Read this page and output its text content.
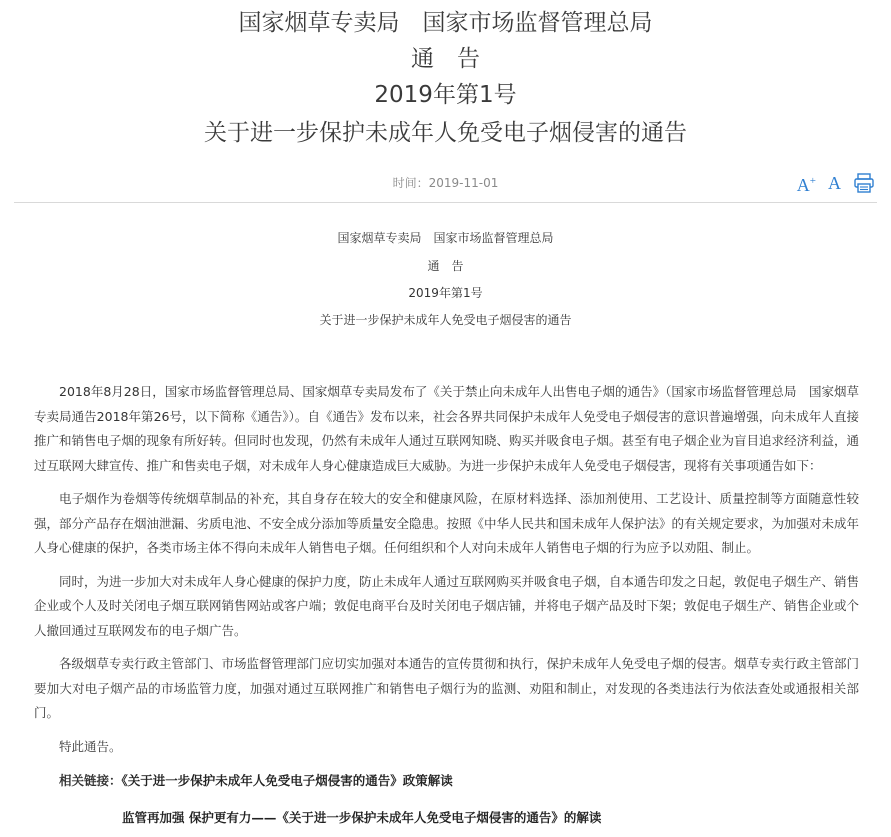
国家烟草专卖局　国家市场监督管理总局
通　告
2019年第1号
关于进一步保护未成年人免受电子烟侵害的通告
时间：2019-11-01	A+ A
国家烟草专卖局　国家市场监督管理总局
通　告
2019年第1号
关于进一步保护未成年人免受电子烟侵害的通告

2018年8月28日，国家市场监督管理总局、国家烟草专卖局发布了《关于禁止向未成年人出售电子烟的通告》（国家市场监督管理总局　国家烟草专卖局通告2018年第26号，以下简称《通告》）。自《通告》发布以来，社会各界共同保护未成年人免受电子烟侵害的意识普遍增强，向未成年人直接推广和销售电子烟的现象有所好转。但同时也发现，仍然有未成年人通过互联网知晓、购买并吸食电子烟。甚至有电子烟企业为盲目追求经济利益，通过互联网大肆宣传、推广和售卖电子烟，对未成年人身心健康造成巨大威胁。为进一步保护未成年人免受电子烟侵害，现将有关事项通告如下：

电子烟作为卷烟等传统烟草制品的补充，其自身存在较大的安全和健康风险，在原材料选择、添加剂使用、工艺设计、质量控制等方面随意性较强，部分产品存在烟油泄漏、劣质电池、不安全成分添加等质量安全隐患。按照《中华人民共和国未成年人保护法》的有关规定要求，为加强对未成年人身心健康的保护，各类市场主体不得向未成年人销售电子烟。任何组织和个人对向未成年人销售电子烟的行为应予以劝阻、制止。

同时，为进一步加大对未成年人身心健康的保护力度，防止未成年人通过互联网购买并吸食电子烟，自本通告印发之日起，敦促电子烟生产、销售企业或个人及时关闭电子烟互联网销售网站或客户端；敦促电商平台及时关闭电子烟店铺，并将电子烟产品及时下架；敦促电子烟生产、销售企业或个人撤回通过互联网发布的电子烟广告。

各级烟草专卖行政主管部门、市场监督管理部门应切实加强对本通告的宣传贯彻和执行，保护未成年人免受电子烟的侵害。烟草专卖行政主管部门要加大对电子烟产品的市场监管力度，加强对通过互联网推广和销售电子烟行为的监测、劝阻和制止，对发现的各类违法行为依法查处或通报相关部门。

特此通告。

相关链接：《关于进一步保护未成年人免受电子烟侵害的通告》政策解读
监管再加强 保护更有力——《关于进一步保护未成年人免受电子烟侵害的通告》的解读
